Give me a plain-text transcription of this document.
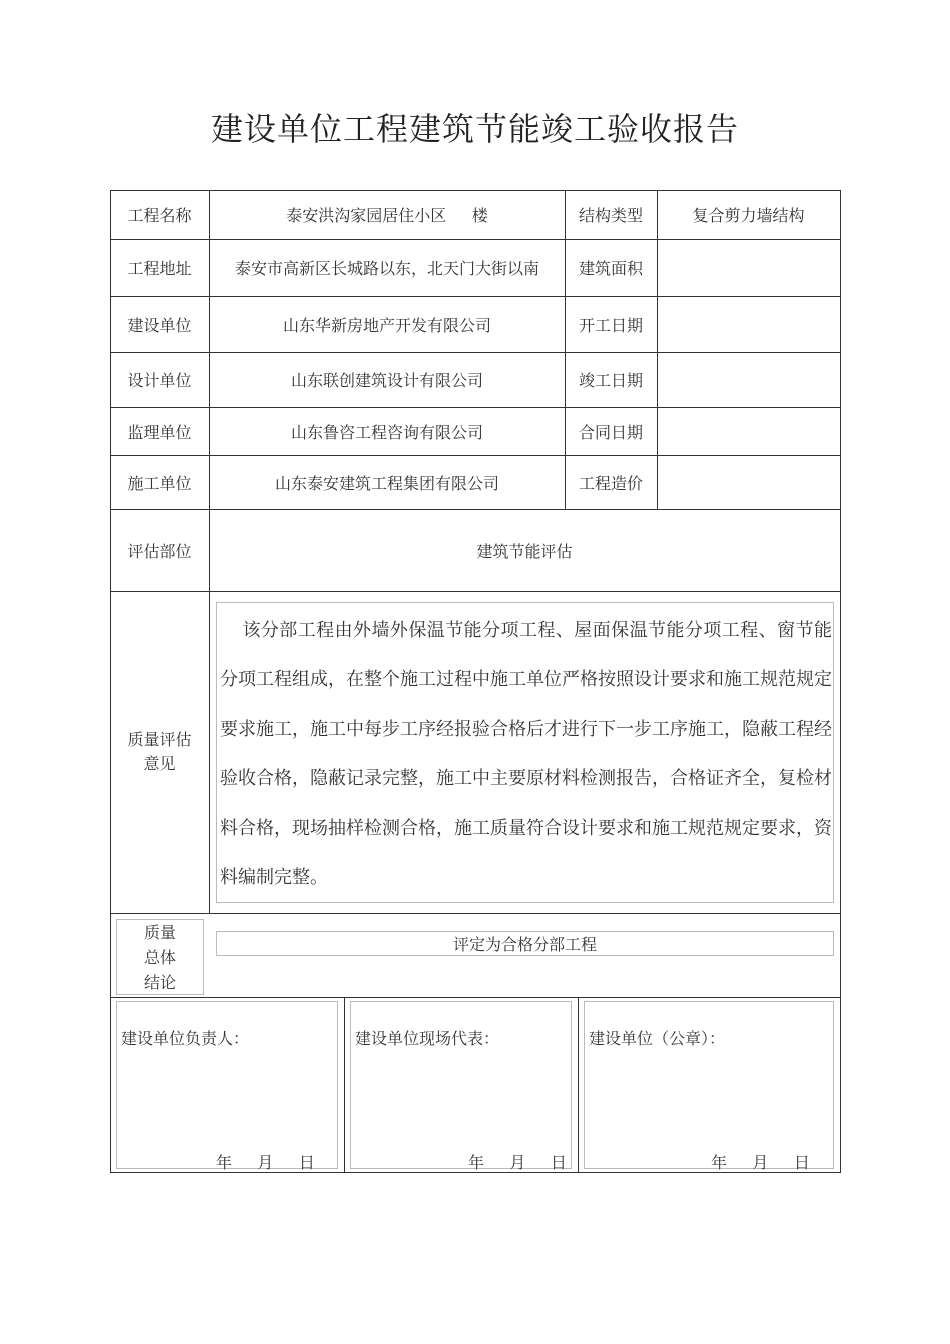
建设单位工程建筑节能竣工验收报告
工程名称	泰安洪沟家园居住小区     楼	结构类型	复合剪力墙结构
工程地址	泰安市高新区长城路以东，北天门大街以南	建筑面积
建设单位	山东华新房地产开发有限公司	开工日期
设计单位	山东联创建筑设计有限公司	竣工日期
监理单位	山东鲁咨工程咨询有限公司	合同日期
施工单位	山东泰安建筑工程集团有限公司	工程造价
评估部位	建筑节能评估
质量评估
意见
该分部工程由外墙外保温节能分项工程、屋面保温节能分项工程、窗节能分项工程组成，在整个施工过程中施工单位严格按照设计要求和施工规范规定要求施工，施工中每步工序经报验合格后才进行下一步工序施工，隐蔽工程经验收合格，隐蔽记录完整，施工中主要原材料检测报告，合格证齐全，复检材料合格，现场抽样检测合格，施工质量符合设计要求和施工规范规定要求，资料编制完整。
质量
总体
结论
评定为合格分部工程
建设单位负责人：
年     月     日
建设单位现场代表：
年     月     日
建设单位（公章）：
年     月     日
